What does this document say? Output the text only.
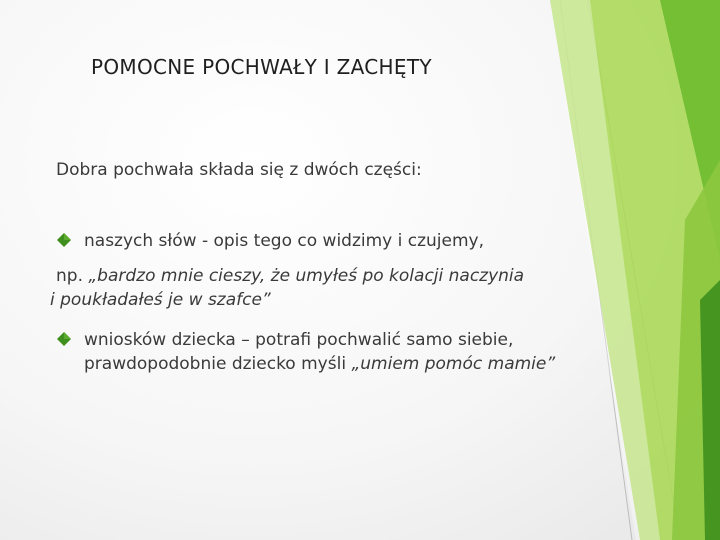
POMOCNE POCHWAŁY I ZACHĘTY
Dobra pochwała składa się z dwóch części:
naszych słów - opis tego co widzimy i czujemy,
np. „bardzo mnie cieszy, że umyłeś po kolacji naczynia
i poukładałeś je w szafce”
wniosków dziecka – potrafi pochwalić samo siebie, prawdopodobnie dziecko myśli „umiem pomóc mamie”
